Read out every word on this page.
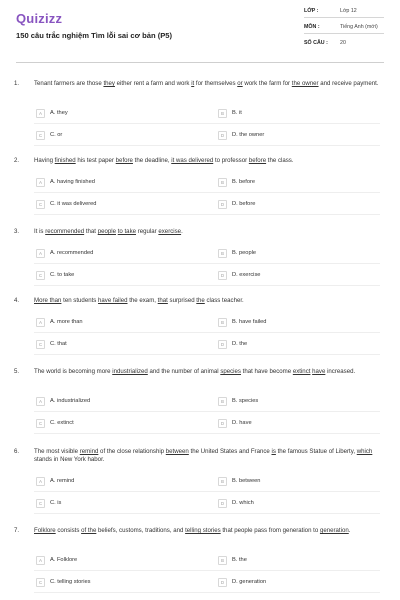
Quizizz
150 câu trắc nghiệm Tìm lỗi sai cơ bản (P5)
LỚP :	Lớp 12
MÔN :	Tiếng Anh (mới)
SỐ CÂU : 20
1. Tenant farmers are those they either rent a farm and work it for themselves or work the farm for the owner and receive payment.
A	A. they	B	B. it
C	C. or	D	D. the owner
2. Having finished his test paper before the deadline, it was delivered to professor before the class.
A	A. having finished	B	B. before
C	C. it was delivered	D	D. before
3. It is recommended that people to take regular exercise.
A	A. recommended	B	B. people
C	C. to take	D	D. exercise
4. More than ten students have failed the exam, that surprised the class teacher.
A	A. more than	B	B. have failed
C	C. that	D	D. the
5. The world is becoming more industrialized and the number of animal species that have become extinct have increased.
A	A. industrialized	B	B. species
C	C. extinct	D	D. have
6. The most visible remind of the close relationship between the United States and France is the famous Statue of Liberty, which stands in New York habor.
A	A. remind	B	B. between
C	C. is	D	D. which
7. Folklore consists of the beliefs, customs, traditions, and telling stories that people pass from generation to generation.
A	A. Folklore	B	B. the
C	C. telling stories	D	D. generation
